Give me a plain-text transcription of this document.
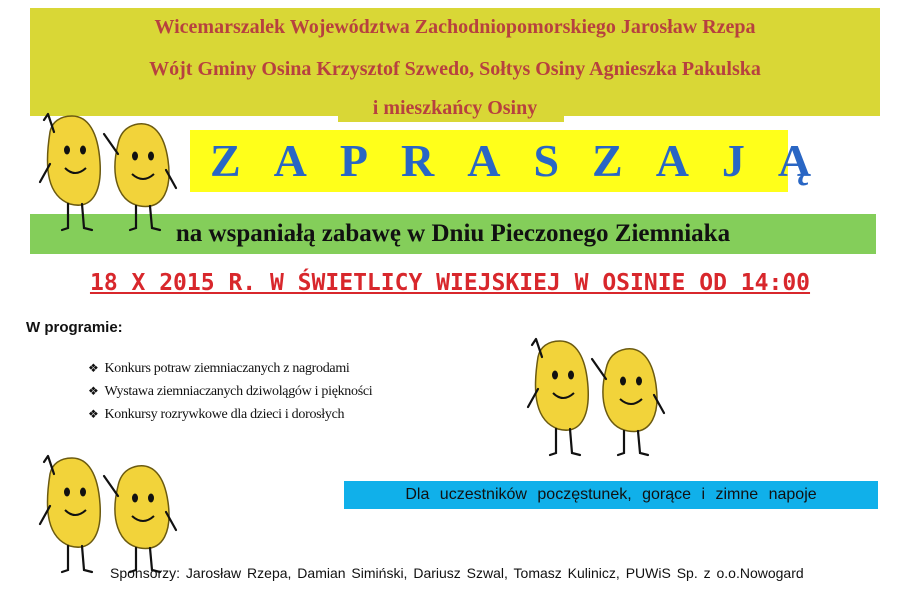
Wicemarszalek Województwa Zachodniopomorskiego Jarosław Rzepa
Wójt Gminy Osina Krzysztof Szwedo, Sołtys Osiny Agnieszka Pakulska
i mieszkańcy Osiny
ZAPRASZAJĄ
na wspaniałą zabawę w Dniu Pieczonego Ziemniaka
18 X 2015 R. W ŚWIETLICY WIEJSKIEJ W OSINIE OD 14:00
W programie:
❖ Konkurs potraw ziemniaczanych z nagrodami
❖ Wystawa ziemniaczanych dziwolągów i piękności
❖ Konkursy rozrywkowe dla dzieci i dorosłych
Dla uczestników poczęstunek, gorące i zimne napoje
Sponsorzy: Jarosław Rzepa, Damian Simiński, Dariusz Szwal, Tomasz Kulinicz, PUWiS Sp. z o.o.Nowogard
